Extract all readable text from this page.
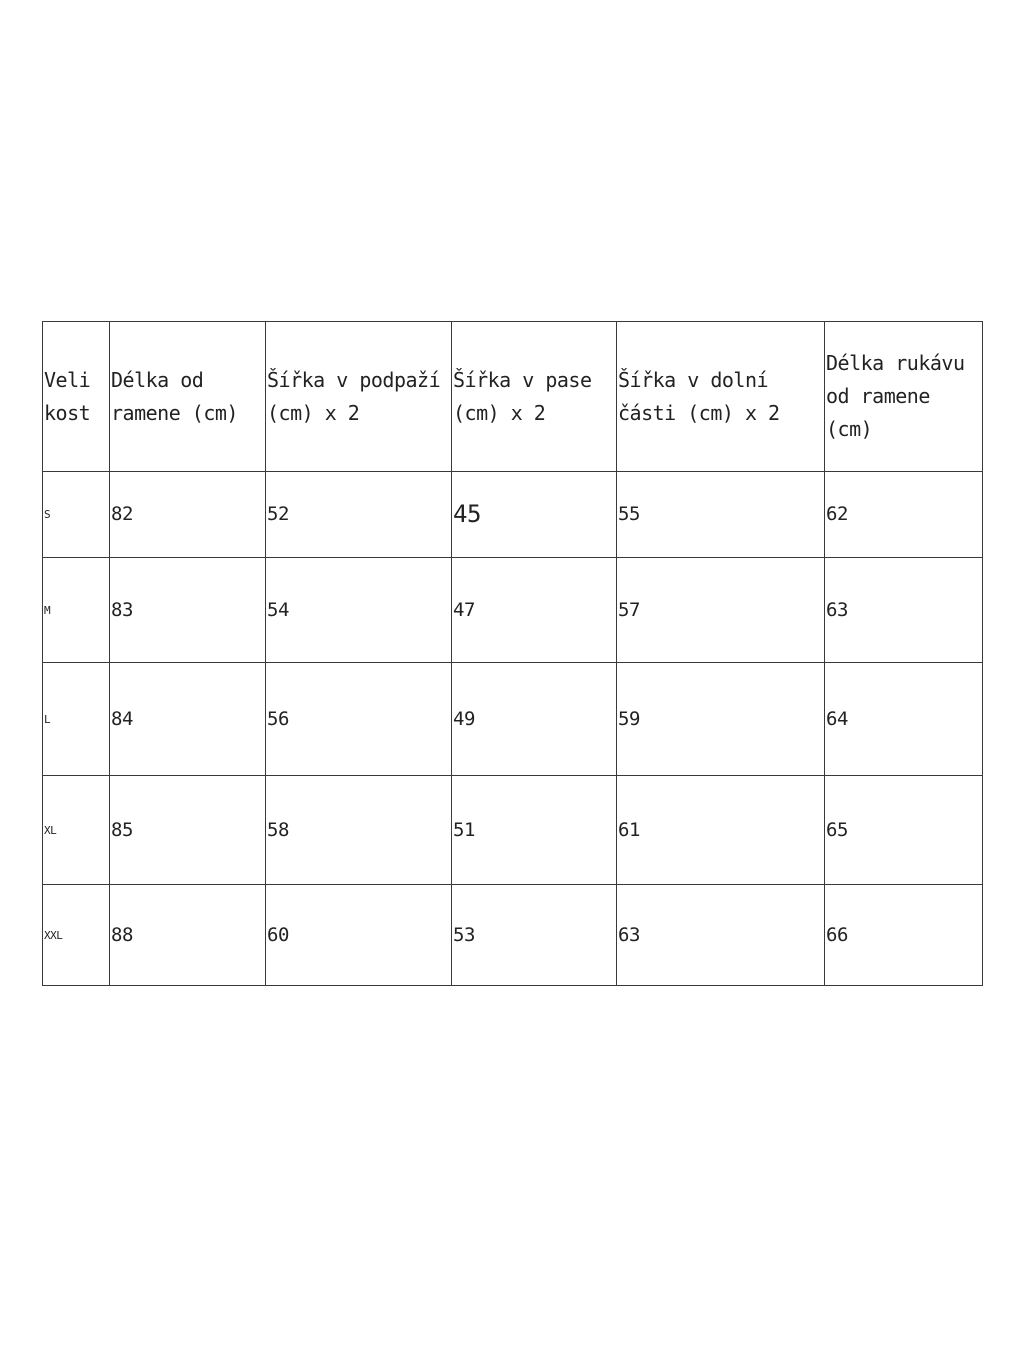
Veli kost	Délka od ramene (cm)	Šířka v podpaží (cm) x 2	Šířka v pase (cm) x 2	Šířka v dolní části (cm) x 2	Délka rukávu od ramene (cm)
S	82	52	45	55	62
M	83	54	47	57	63
L	84	56	49	59	64
XL	85	58	51	61	65
XXL	88	60	53	63	66
